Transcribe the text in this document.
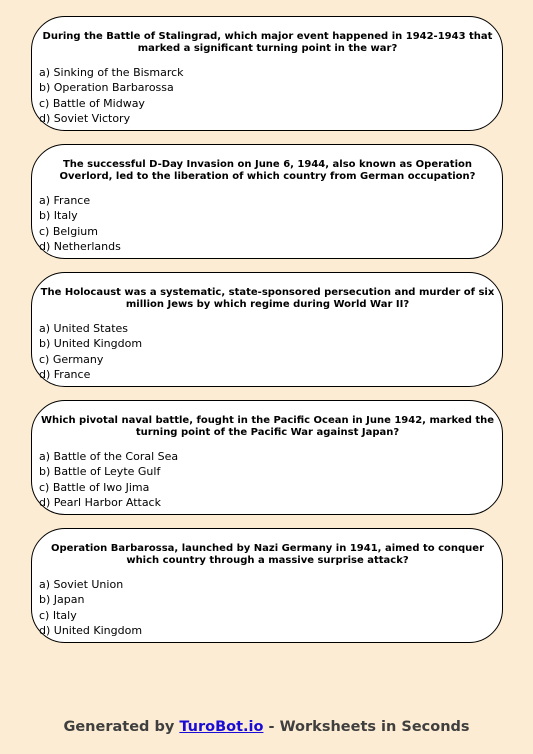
During the Battle of Stalingrad, which major event happened in 1942-1943 that marked a significant turning point in the war?

a) Sinking of the Bismarck
b) Operation Barbarossa
c) Battle of Midway
d) Soviet Victory

The successful D-Day Invasion on June 6, 1944, also known as Operation Overlord, led to the liberation of which country from German occupation?

a) France
b) Italy
c) Belgium
d) Netherlands

The Holocaust was a systematic, state-sponsored persecution and murder of six million Jews by which regime during World War II?

a) United States
b) United Kingdom
c) Germany
d) France

Which pivotal naval battle, fought in the Pacific Ocean in June 1942, marked the turning point of the Pacific War against Japan?

a) Battle of the Coral Sea
b) Battle of Leyte Gulf
c) Battle of Iwo Jima
d) Pearl Harbor Attack

Operation Barbarossa, launched by Nazi Germany in 1941, aimed to conquer which country through a massive surprise attack?

a) Soviet Union
b) Japan
c) Italy
d) United Kingdom
Generated by TuroBot.io - Worksheets in Seconds
